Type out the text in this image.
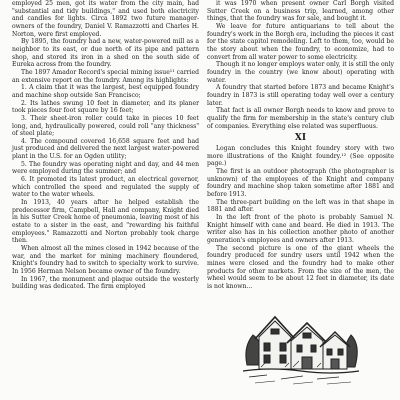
employed 25 men, got its water from the city main, had "substantial and tidy buildings," and used both electricity and candles for lights. Circa 1892 two future manager-owners of the foundry, Daniel V. Ramazzotti and Charles H. Norton, were first employed.

By 1895, the foundry had a new, water-powered mill as a neighbor to its east, or due north of its pipe and pattern shop, and stored its iron in a shed on the south side of Eureka across from the foundry.

The 1897 Amador Record's special mining issue¹¹ carried an extensive report on the foundry. Among its highlights:

1. A claim that it was the largest, best equipped foundry and machine shop outside San Francisco;

2. Its lathes swung 10 feet in diameter, and its planer took pieces four foot square by 16 feet;

3. Their sheet-iron roller could take in pieces 10 feet long, and, hydraulically powered, could roll "any thickness" of steel plate;

4. The compound covered 16,658 square feet and had just produced and delivered the next largest water-powered plant in the U.S. for an Ogden utility;

5. The foundry was operating night and day, and 44 men were employed during the summer; and

6. It promoted its latest product, an electrical governor, which controlled the speed and regulated the supply of water to the water wheels.

In 1913, 40 years after he helped establish the predecessor firm, Campbell, Hall and company, Knight died in his Sutter Creek home of pneumonia, leaving most of his estate to a sister in the east, and "rewarding his faithful employees." Ramazzotti and Norton probably took charge then.

When almost all the mines closed in 1942 because of the war, and the market for mining machinery floundered, Knight's foundry had to switch to specialty work to survive. In 1956 Herman Nelson became owner of the foundry.

In 1967, the monument and plaque outside the westerly building was dedicated. The firm employed

it was 1970 when present owner Carl Borgh visited Sutter Creek on a business trip, learned, among other things, that the foundry was for sale, and bought it.

We leave for future antiquarians to tell about the foundry's work in the Borgh era, including the pieces it cast for the state capitol remodeling. Left to them, too, would be the story about when the foundry, to economize, had to convert from all water power to some electricity.

Though it no longer employs water only, it is still the only foundry in the country (we know about) operating with water.

A foundry that started before 1873 and became Knight's foundry in 1873 is still operating today well over a century later.

That fact is all owner Borgh needs to know and prove to qualify the firm for membership in the state's century club of companies. Everything else related was superfluous.

XI

Logan concludes this Knight foundry story with two more illustrations of the Knight foundry.¹² (See opposite page.)

The first is an outdoor photograph (the photographer is unknown) of the employees of the Knight and company foundry and machine shop taken sometime after 1881 and before 1913.

The three-part building on the left was in that shape in 1881 and after.

In the left front of the photo is probably Samuel N. Knight himself with cane and beard. He died in 1913. The writer also has in his collection another photo of another generation's employees and owners after 1913.

The second picture is one of the giant wheels the foundry produced for sundry users until 1942 when the mines were closed and the foundry had to make other products for other markets. From the size of the men, the wheel would seem to be about 12 feet in diameter, its date is not known...
